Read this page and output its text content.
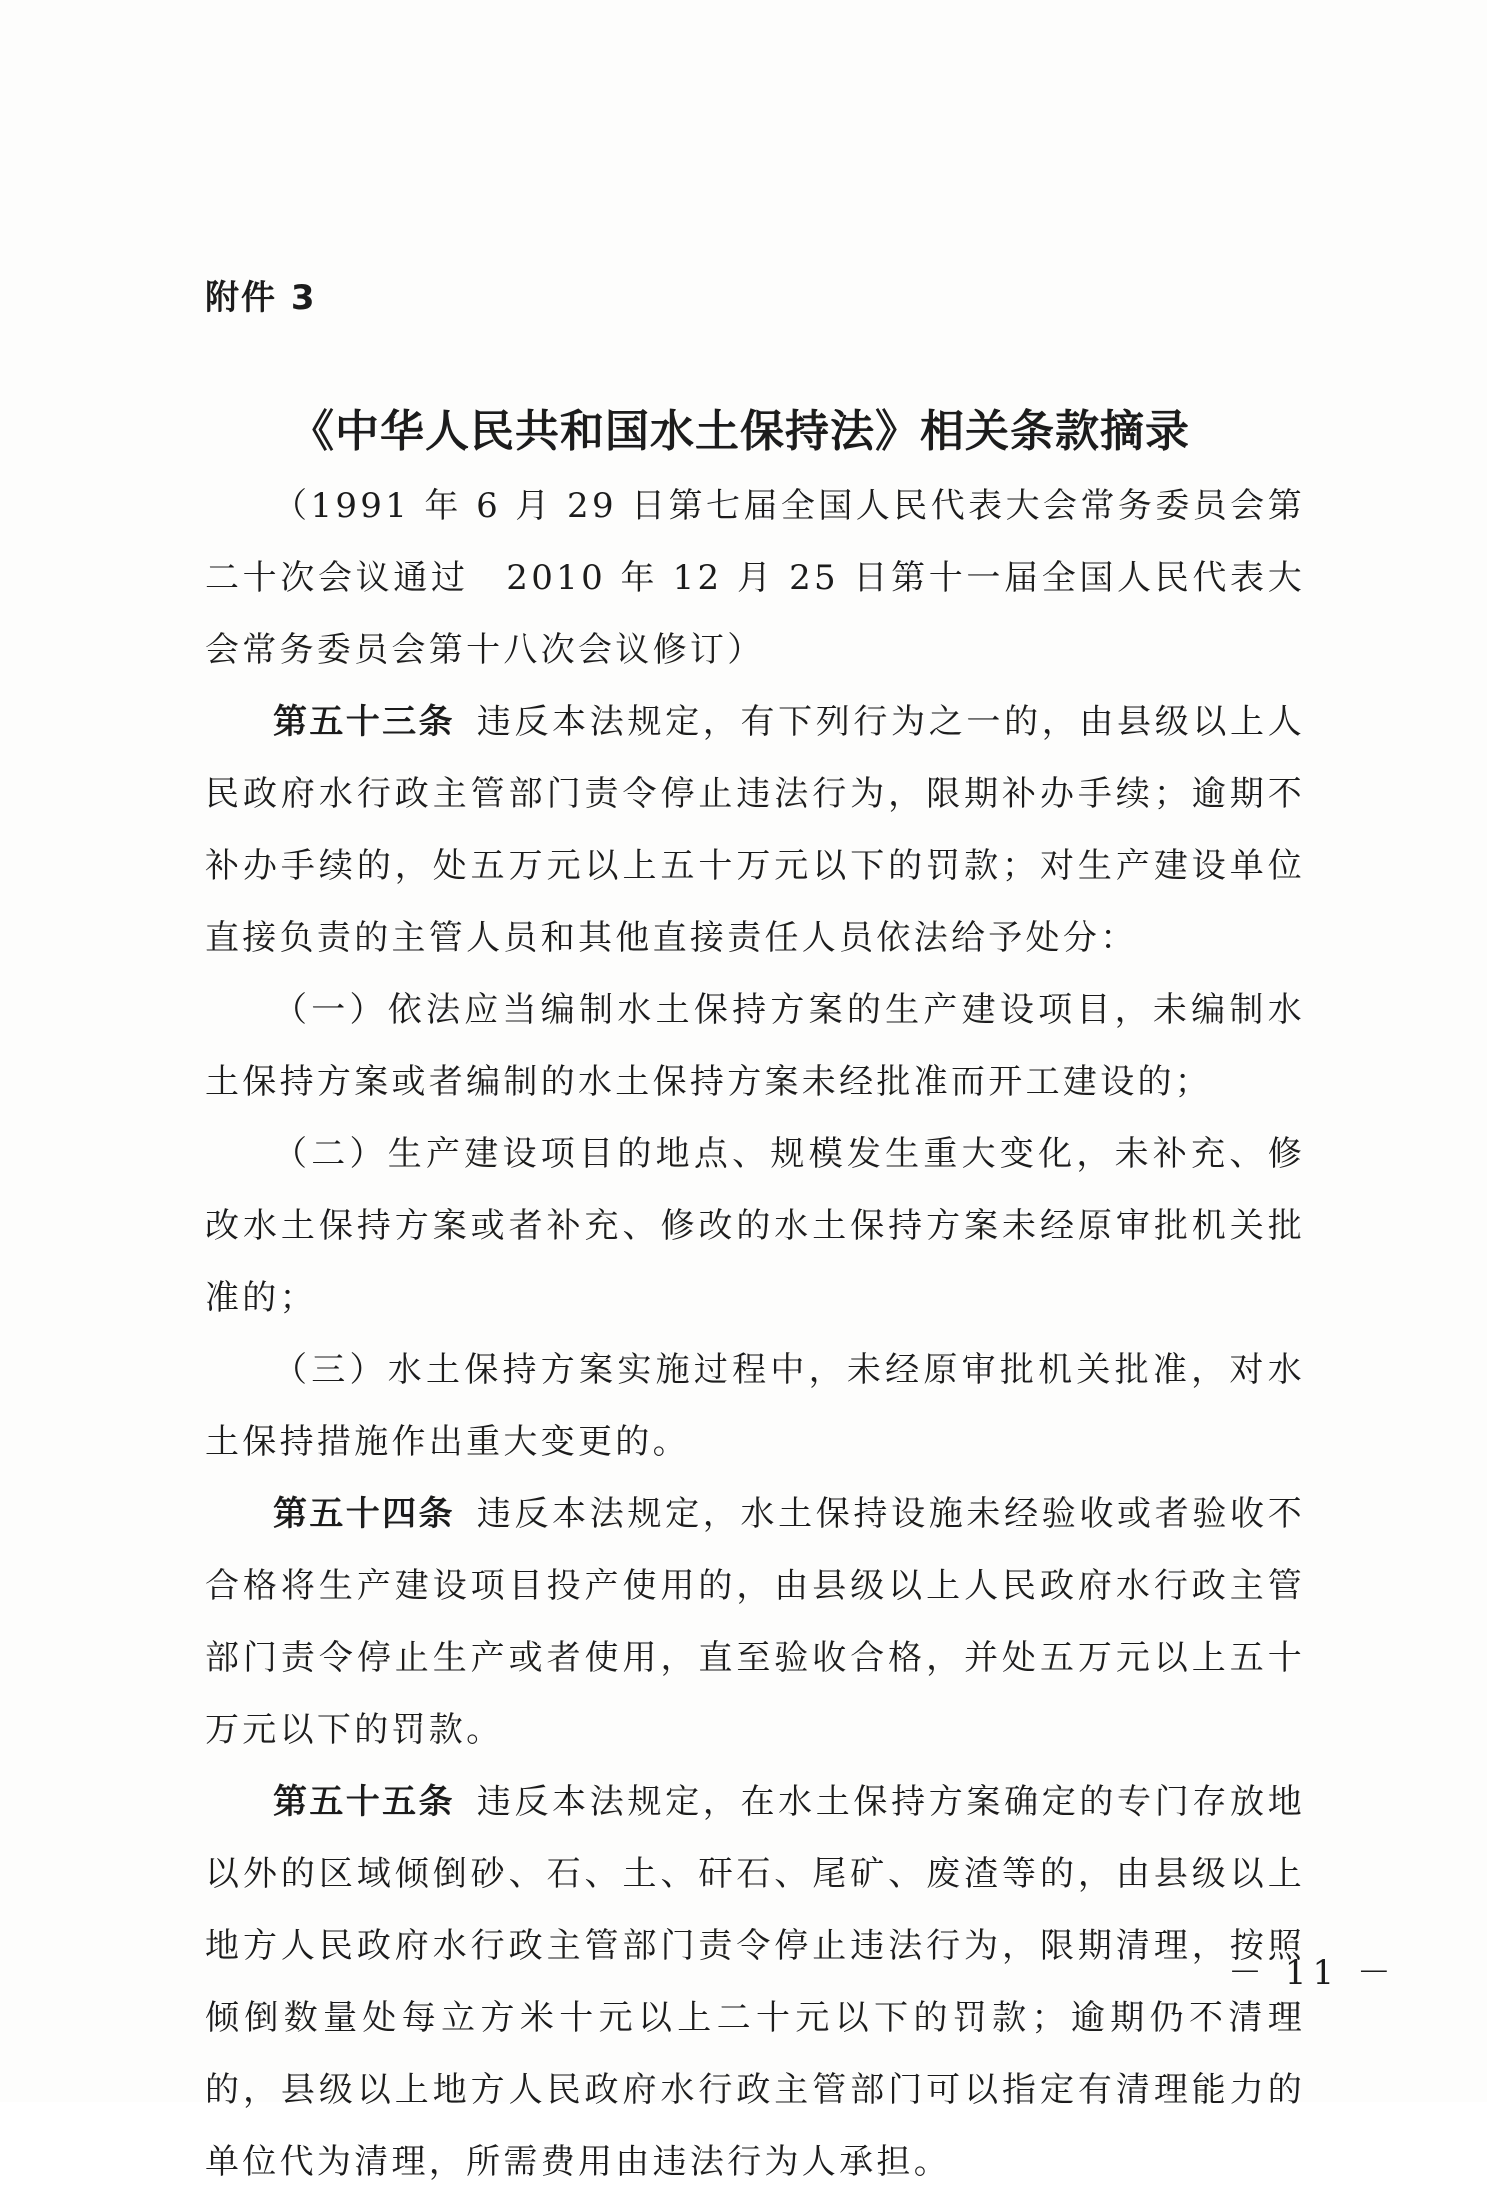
附件 3
《中华人民共和国水土保持法》相关条款摘录

（1991 年 6 月 29 日第七届全国人民代表大会常务委员会第二十次会议通过　2010 年 12 月 25 日第十一届全国人民代表大会常务委员会第十八次会议修订）

第五十三条 违反本法规定，有下列行为之一的，由县级以上人民政府水行政主管部门责令停止违法行为，限期补办手续；逾期不补办手续的，处五万元以上五十万元以下的罚款；对生产建设单位直接负责的主管人员和其他直接责任人员依法给予处分：

（一）依法应当编制水土保持方案的生产建设项目，未编制水土保持方案或者编制的水土保持方案未经批准而开工建设的；

（二）生产建设项目的地点、规模发生重大变化，未补充、修改水土保持方案或者补充、修改的水土保持方案未经原审批机关批准的；

（三）水土保持方案实施过程中，未经原审批机关批准，对水土保持措施作出重大变更的。

第五十四条 违反本法规定，水土保持设施未经验收或者验收不合格将生产建设项目投产使用的，由县级以上人民政府水行政主管部门责令停止生产或者使用，直至验收合格，并处五万元以上五十万元以下的罚款。

第五十五条 违反本法规定，在水土保持方案确定的专门存放地以外的区域倾倒砂、石、土、矸石、尾矿、废渣等的，由县级以上地方人民政府水行政主管部门责令停止违法行为，限期清理，按照倾倒数量处每立方米十元以上二十元以下的罚款；逾期仍不清理的，县级以上地方人民政府水行政主管部门可以指定有清理能力的单位代为清理，所需费用由违法行为人承担。

－ 11 －
